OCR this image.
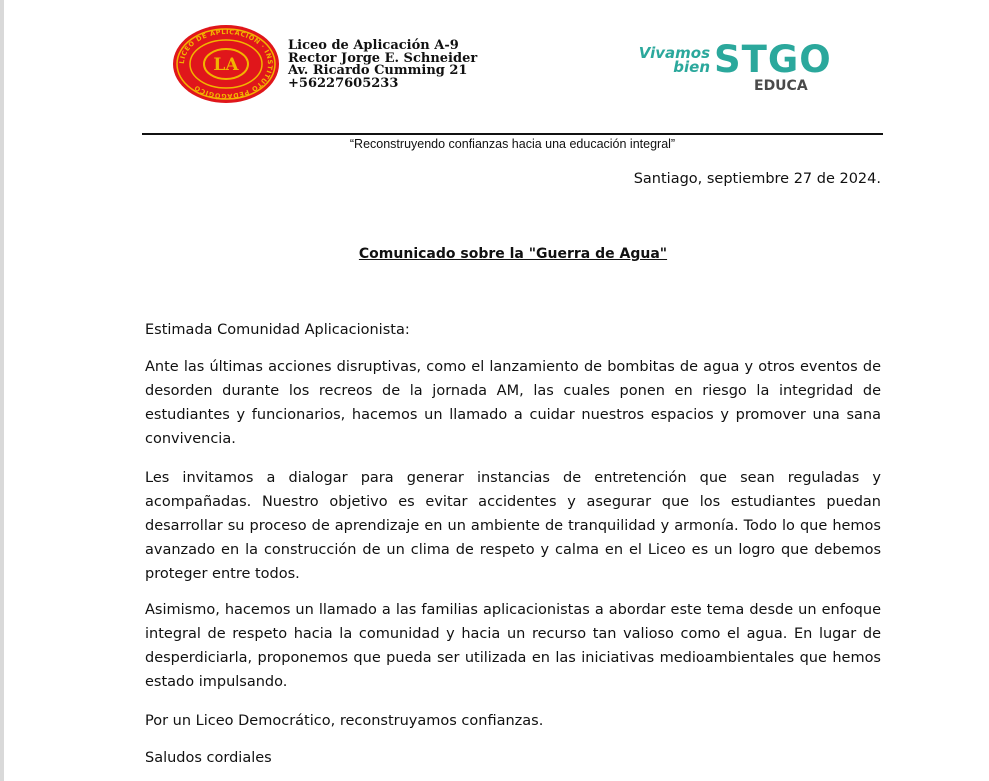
LICEO DE APLICACIÓN · INSTITUTO PEDAGÓGICO
LA
Liceo de Aplicación A-9
Rector Jorge E. Schneider
Av. Ricardo Cumming 21
+56227605233
Vivamos
bien STGO
EDUCA
“Reconstruyendo confianzas hacia una educación integral”
Santiago, septiembre 27 de 2024.
Comunicado sobre la "Guerra de Agua"

Estimada Comunidad Aplicacionista:

Ante las últimas acciones disruptivas, como el lanzamiento de bombitas de agua y otros eventos de desorden durante los recreos de la jornada AM, las cuales ponen en riesgo la integridad de estudiantes y funcionarios, hacemos un llamado a cuidar nuestros espacios y promover una sana convivencia.

Les invitamos a dialogar para generar instancias de entretención que sean reguladas y acompañadas. Nuestro objetivo es evitar accidentes y asegurar que los estudiantes puedan desarrollar su proceso de aprendizaje en un ambiente de tranquilidad y armonía. Todo lo que hemos avanzado en la construcción de un clima de respeto y calma en el Liceo es un logro que debemos proteger entre todos.

Asimismo, hacemos un llamado a las familias aplicacionistas a abordar este tema desde un enfoque integral de respeto hacia la comunidad y hacia un recurso tan valioso como el agua. En lugar de desperdiciarla, proponemos que pueda ser utilizada en las iniciativas medioambientales que hemos estado impulsando.

Por un Liceo Democrático, reconstruyamos confianzas.

Saludos cordiales
